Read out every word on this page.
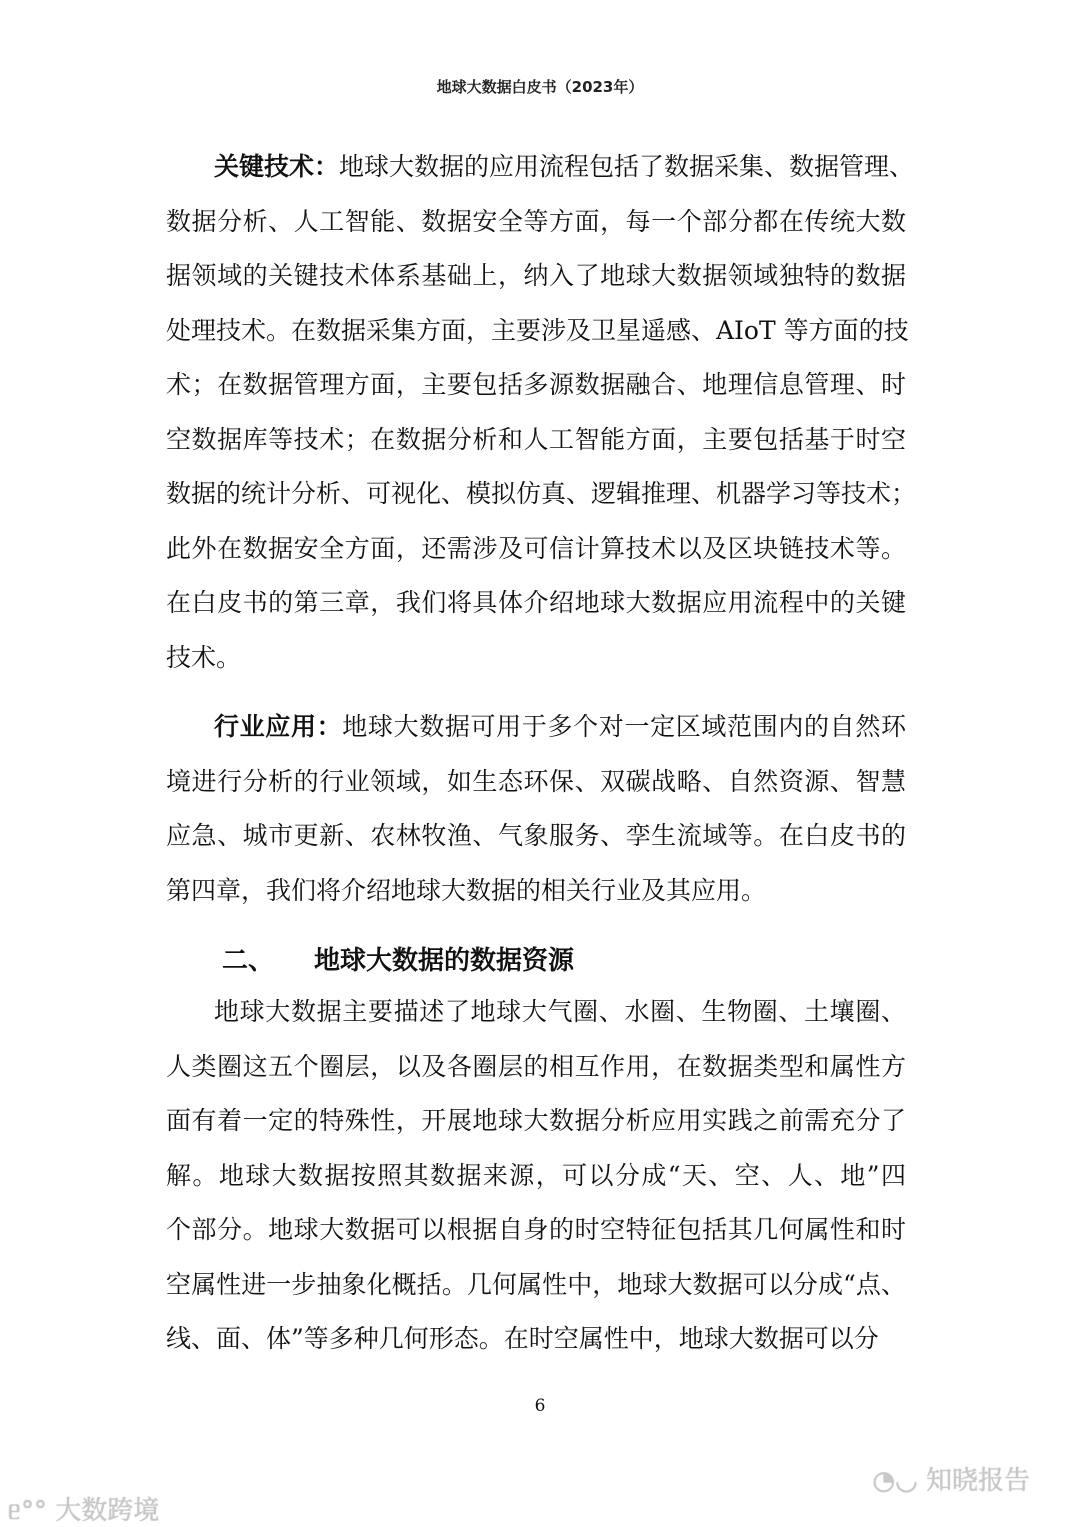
地球大数据白皮书（2023年）
关键技术：地球大数据的应用流程包括了数据采集、数据管理、
数据分析、人工智能、数据安全等方面，每一个部分都在传统大数
据领域的关键技术体系基础上，纳入了地球大数据领域独特的数据
处理技术。在数据采集方面，主要涉及卫星遥感、AIoT 等方面的技
术；在数据管理方面，主要包括多源数据融合、地理信息管理、时
空数据库等技术；在数据分析和人工智能方面，主要包括基于时空
数据的统计分析、可视化、模拟仿真、逻辑推理、机器学习等技术；
此外在数据安全方面，还需涉及可信计算技术以及区块链技术等。
在白皮书的第三章，我们将具体介绍地球大数据应用流程中的关键
技术。
行业应用：地球大数据可用于多个对一定区域范围内的自然环
境进行分析的行业领域，如生态环保、双碳战略、自然资源、智慧
应急、城市更新、农林牧渔、气象服务、孪生流域等。在白皮书的
第四章，我们将介绍地球大数据的相关行业及其应用。
地球大数据主要描述了地球大气圈、水圈、生物圈、土壤圈、
人类圈这五个圈层，以及各圈层的相互作用，在数据类型和属性方
面有着一定的特殊性，开展地球大数据分析应用实践之前需充分了
解。地球大数据按照其数据来源，可以分成“天、空、人、地”四
个部分。地球大数据可以根据自身的时空特征包括其几何属性和时
空属性进一步抽象化概括。几何属性中，地球大数据可以分成“点、
线、面、体”等多种几何形态。在时空属性中，地球大数据可以分
二、 地球大数据的数据资源
6
ᥱ°° 大数跨境
◔◡ 知晓报告
